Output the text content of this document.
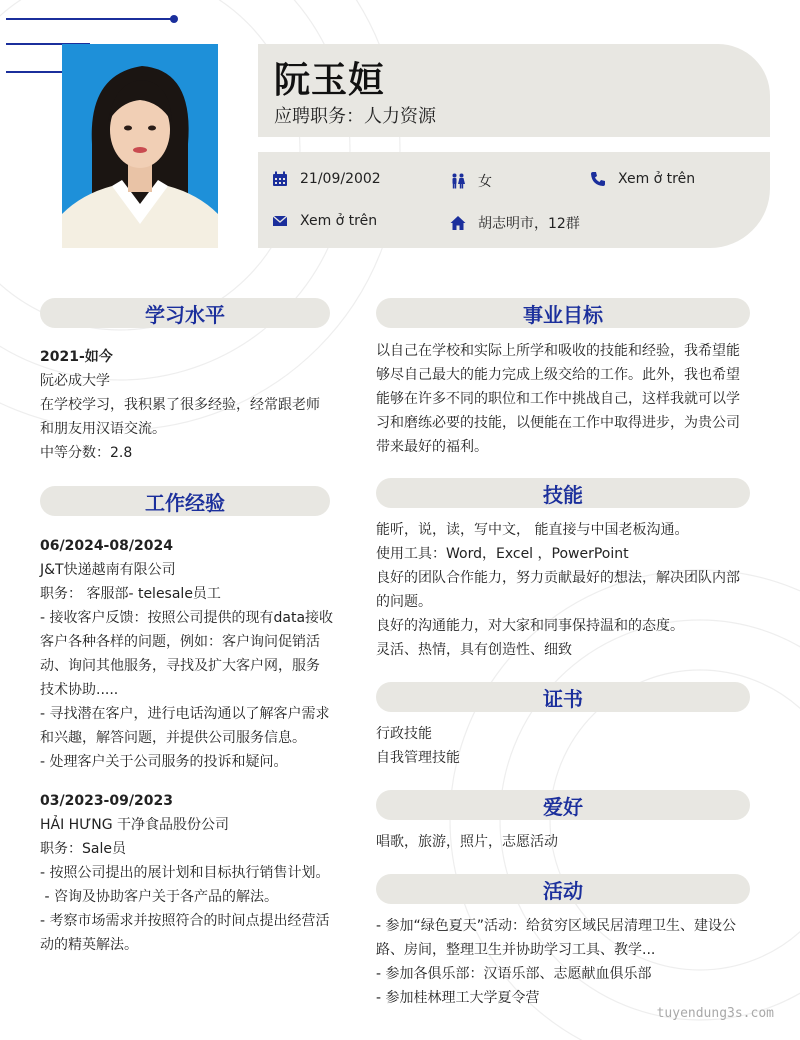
阮玉姮
应聘职务：人力资源
21/09/2002	女	Xem ở trên
Xem ở trên	胡志明市，12群
学习水平
2021-如今
阮必成大学
在学校学习，我积累了很多经验，经常跟老师
和朋友用汉语交流。
中等分数：2.8
工作经验
06/2024-08/2024
J&T快递越南有限公司
职务： 客服部- telesale员工
- 接收客户反馈：按照公司提供的现有data接收
客户各种各样的问题，例如：客户询问促销活
动、询问其他服务，寻找及扩大客户网，服务
技术协助.....
- 寻找潜在客户，进行电话沟通以了解客户需求
和兴趣，解答问题，并提供公司服务信息。
- 处理客户关于公司服务的投诉和疑问。
03/2023-09/2023
HẢI HƯNG 干净食品股份公司
职务：Sale员
- 按照公司提出的展计划和目标执行销售计划。
- 咨询及协助客户关于各产品的解法。
- 考察市场需求并按照符合的时间点提出经营活
动的精英解法。
事业目标
以自己在学校和实际上所学和吸收的技能和经验，我希望能
够尽自己最大的能力完成上级交给的工作。此外，我也希望
能够在许多不同的职位和工作中挑战自己，这样我就可以学
习和磨练必要的技能，以便能在工作中取得进步，为贵公司
带来最好的福利。
技能
能听，说，读，写中文， 能直接与中国老板沟通。
使用工具：Word，Excel ，PowerPoint
良好的团队合作能力，努力贡献最好的想法，解决团队内部
的问题。
良好的沟通能力，对大家和同事保持温和的态度。
灵活、热情，具有创造性、细致
证书
行政技能
自我管理技能
爱好
唱歌，旅游，照片，志愿活动
活动
- 参加“绿色夏天”活动：给贫穷区域民居清理卫生、建设公
路、房间，整理卫生并协助学习工具、教学...
- 参加各俱乐部：汉语乐部、志愿献血俱乐部
- 参加桂林理工大学夏令营
tuyendung3s.com
